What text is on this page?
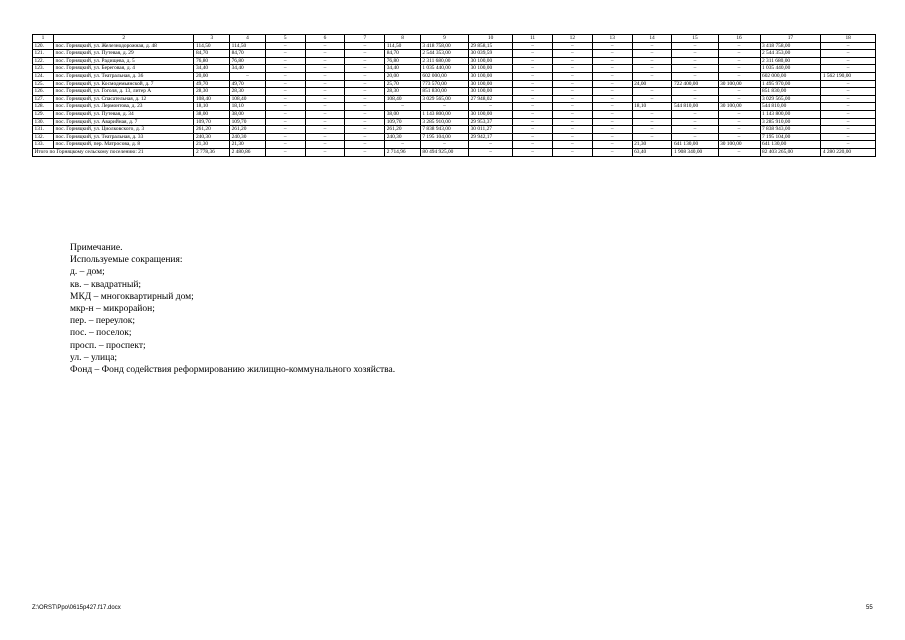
1	2	3	4	5	6	7	8	9	10	11	12	13	14	15	16	17	18
120.	пос. Горняцкий, ул. Железнодорожная, д. 48	114,50	114,50	–	–	–	114,50	3 418 758,00	29 858,15	–	–	–	–	–	–	3 418 758,00	–
121.	пос. Горняцкий, ул. Путевая, д. 29	84,70	84,70	–	–	–	84,70	2 544 353,00	30 039,59	–	–	–	–	–	–	2 544 353,00	–
122.	пос. Горняцкий, ул. Радищева, д. 5	76,80	76,80	–	–	–	76,80	2 311 680,00	30 100,00	–	–	–	–	–	–	2 311 680,00	–
123.	пос. Горняцкий, ул. Береговая, д. 4	34,40	34,40	–	–	–	34,40	1 035 440,00	30 100,00	–	–	–	–	–	–	1 035 440,00	–
124.	пос. Горняцкий, ул. Театральная, д. 36	20,00	–	–	–	–	20,00	602 000,00	30 100,00	–	–	–	–	–	–	602 000,00	1 562 190,00
125.	пос. Горняцкий, ул. Космодемьянской, д. 7	49,70	49,70	–	–	–	25,70	773 570,00	30 100,00	–	–	–	24,00	722 400,00	30 100,00	1 495 970,00	–
126.	пос. Горняцкий, ул. Гоголя, д. 13, литер А	28,30	28,30	–	–	–	28,30	851 830,00	30 100,00	–	–	–	–	–	–	851 830,00	–
127.	пос. Горняцкий, ул. Спасательная, д. 12	108,40	108,40	–	–	–	108,40	3 029 565,00	27 948,02	–	–	–	–	–	–	3 029 565,00	–
128.	пос. Горняцкий, ул. Лермонтова, д. 23	18,10	18,10	–	–	–	–	–	–	–	–	–	18,10	544 810,00	30 100,00	544 810,00	–
129.	пос. Горняцкий, ул. Путевая, д. 34	38,00	38,00	–	–	–	38,00	1 143 800,00	30 100,00	–	–	–	–	–	–	1 143 800,00	–
130.	пос. Горняцкий, ул. Аварийная, д. 7	109,70	109,70	–	–	–	109,70	3 285 910,00	29 953,37	–	–	–	–	–	–	3 285 910,00	–
131.	пос. Горняцкий, ул. Циолковского, д. 3	261,20	261,20	–	–	–	261,20	7 838 943,00	30 011,27	–	–	–	–	–	–	7 838 943,00	–
132.	пос. Горняцкий, ул. Театральная, д. 33	240,30	240,30	–	–	–	240,30	7 195 104,00	29 942,17	–	–	–	–	–	–	7 195 104,00	–
133.	пос. Горняцкий, пер. Матросова, д. 8	21,30	21,30	–	–	–	–	–	–	–	–	–	21,30	641 130,00	30 100,00	641 130,00	–
Итого по Горняцкому сельскому поселению: 21		2 778,36	2 480,86	–	–	–	2 714,96	80 494 925,00	–	–	–	–	63,40	1 908 340,00	–	82 403 265,00	4 280 220,00
Примечание.
Используемые сокращения:
д. – дом;
кв. – квадратный;
МКД – многоквартирный дом;
мкр-н – микрорайон;
пер. – переулок;
пос. – поселок;
просп. – проспект;
ул. – улица;
Фонд – Фонд содействия реформированию жилищно-коммунального хозяйства.
Z:\ORST\Ppo\0615p427.f17.docx	55
